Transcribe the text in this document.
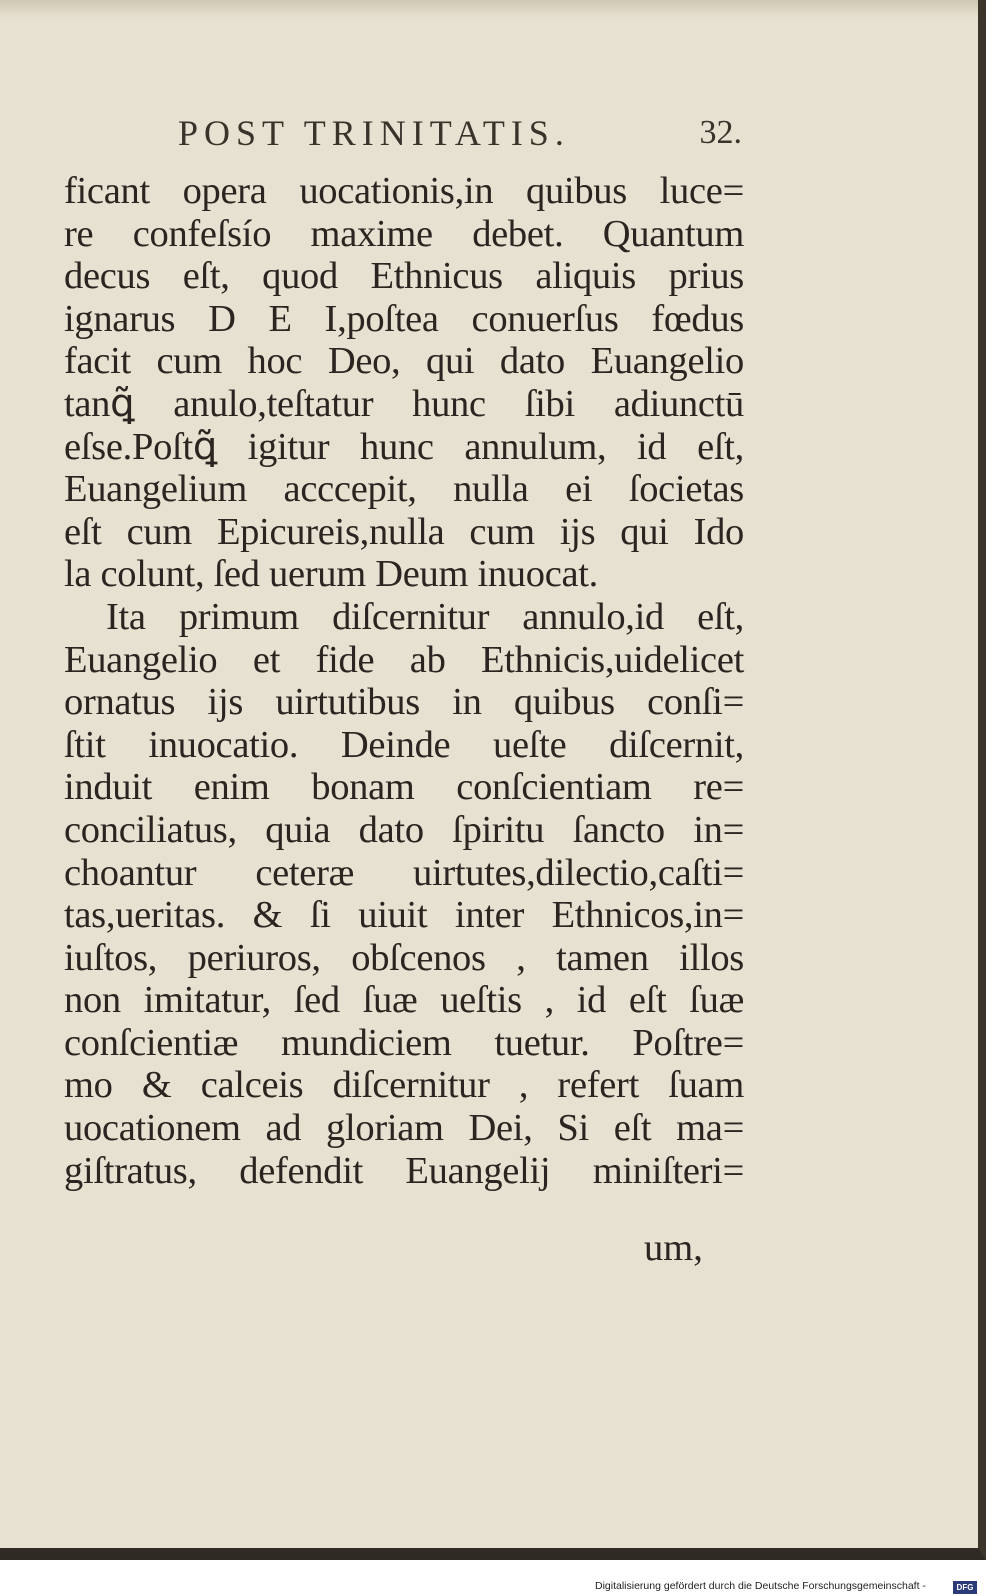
POST TRINITATIS.	32.
ficant opera uocationis,in quibus luce=
re confeſsío maxime debet. Quantum
decus eſt, quod Ethnicus aliquis prius
ignarus D E I,poſtea conuerſus fœdus
facit cum hoc Deo, qui dato Euangelio
tanꝗ̃ anulo,teſtatur hunc ſibi adiunctū
eſse.Poſtꝗ̃ igitur hunc annulum, id eſt,
Euangelium acccepit, nulla ei ſocietas
eſt cum Epicureis,nulla cum ijs qui Ido
la colunt, ſed uerum Deum inuocat.
Ita primum diſcernitur annulo,id eſt,
Euangelio et fide ab Ethnicis,uidelicet
ornatus ijs uirtutibus in quibus conſi=
ſtit inuocatio. Deinde ueſte diſcernit,
induit enim bonam conſcientiam re=
conciliatus, quia dato ſpiritu ſancto in=
choantur ceteræ uirtutes,dilectio,caſti=
tas,ueritas. & ſi uiuit inter Ethnicos,in=
iuſtos, periuros, obſcenos , tamen illos
non imitatur, ſed ſuæ ueſtis , id eſt ſuæ
conſcientiæ mundiciem tuetur. Poſtre=
mo & calceis diſcernitur , refert ſuam
uocationem ad gloriam Dei, Si eſt ma=
giſtratus, defendit Euangelij miniſteri=
um,
Digitalisierung gefördert durch die Deutsche Forschungsgemeinschaft -	DFG
